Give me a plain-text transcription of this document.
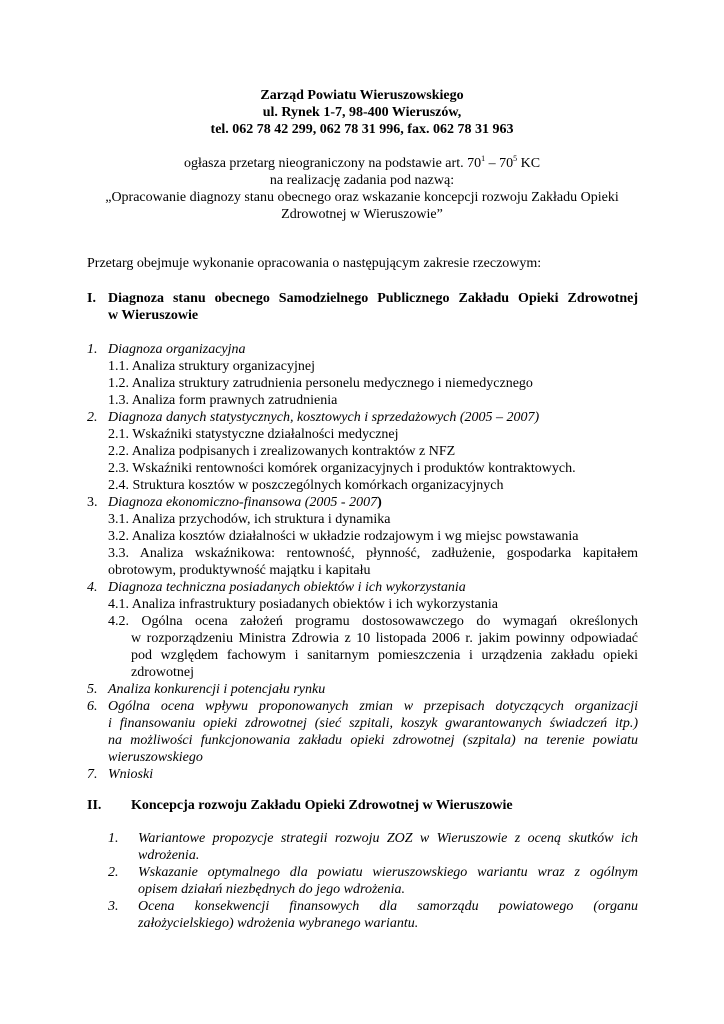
Zarząd Powiatu Wieruszowskiego
ul. Rynek 1-7, 98-400 Wieruszów,
tel. 062 78 42 299, 062 78 31 996, fax. 062 78 31 963
ogłasza przetarg nieograniczony na podstawie art. $70^1 - 70^5$ KC
na realizację zadania pod nazwą:
„Opracowanie diagnozy stanu obecnego oraz wskazanie koncepcji rozwoju Zakładu Opieki
Zdrowotnej w Wieruszowie”
Przetarg obejmuje wykonanie opracowania o następującym zakresie rzeczowym:
I. Diagnoza stanu obecnego Samodzielnego Publicznego Zakładu Opieki Zdrowotnej
w Wieruszowie
1. Diagnoza organizacyjna
1.1. Analiza struktury organizacyjnej
1.2. Analiza struktury zatrudnienia personelu medycznego i niemedycznego
1.3. Analiza form prawnych zatrudnienia
2. Diagnoza danych statystycznych, kosztowych i sprzedażowych (2005 – 2007)
2.1. Wskaźniki statystyczne działalności medycznej
2.2. Analiza podpisanych i zrealizowanych kontraktów z NFZ
2.3. Wskaźniki rentowności komórek organizacyjnych i produktów kontraktowych.
2.4. Struktura kosztów w poszczególnych komórkach organizacyjnych
3. Diagnoza ekonomiczno-finansowa (2005 - 2007)
3.1. Analiza przychodów, ich struktura i dynamika
3.2. Analiza kosztów działalności w układzie rodzajowym i wg miejsc powstawania
3.3. Analiza wskaźnikowa: rentowność, płynność, zadłużenie, gospodarka kapitałem
obrotowym, produktywność majątku i kapitału
4. Diagnoza techniczna posiadanych obiektów i ich wykorzystania
4.1. Analiza infrastruktury posiadanych obiektów i ich wykorzystania
4.2. Ogólna ocena założeń programu dostosowawczego do wymagań określonych
w rozporządzeniu Ministra Zdrowia z 10 listopada 2006 r. jakim powinny odpowiadać
pod względem fachowym i sanitarnym pomieszczenia i urządzenia zakładu opieki
zdrowotnej
5. Analiza konkurencji i potencjału rynku
6. Ogólna ocena wpływu proponowanych zmian w przepisach dotyczących organizacji
i finansowaniu opieki zdrowotnej (sieć szpitali, koszyk gwarantowanych świadczeń itp.)
na możliwości funkcjonowania zakładu opieki zdrowotnej (szpitala) na terenie powiatu
wieruszowskiego
7. Wnioski
II. Koncepcja rozwoju Zakładu Opieki Zdrowotnej w Wieruszowie
1. Wariantowe propozycje strategii rozwoju ZOZ w Wieruszowie z oceną skutków ich
wdrożenia.
2. Wskazanie optymalnego dla powiatu wieruszowskiego wariantu wraz z ogólnym
opisem działań niezbędnych do jego wdrożenia.
3. Ocena konsekwencji finansowych dla samorządu powiatowego (organu
założycielskiego) wdrożenia wybranego wariantu.
